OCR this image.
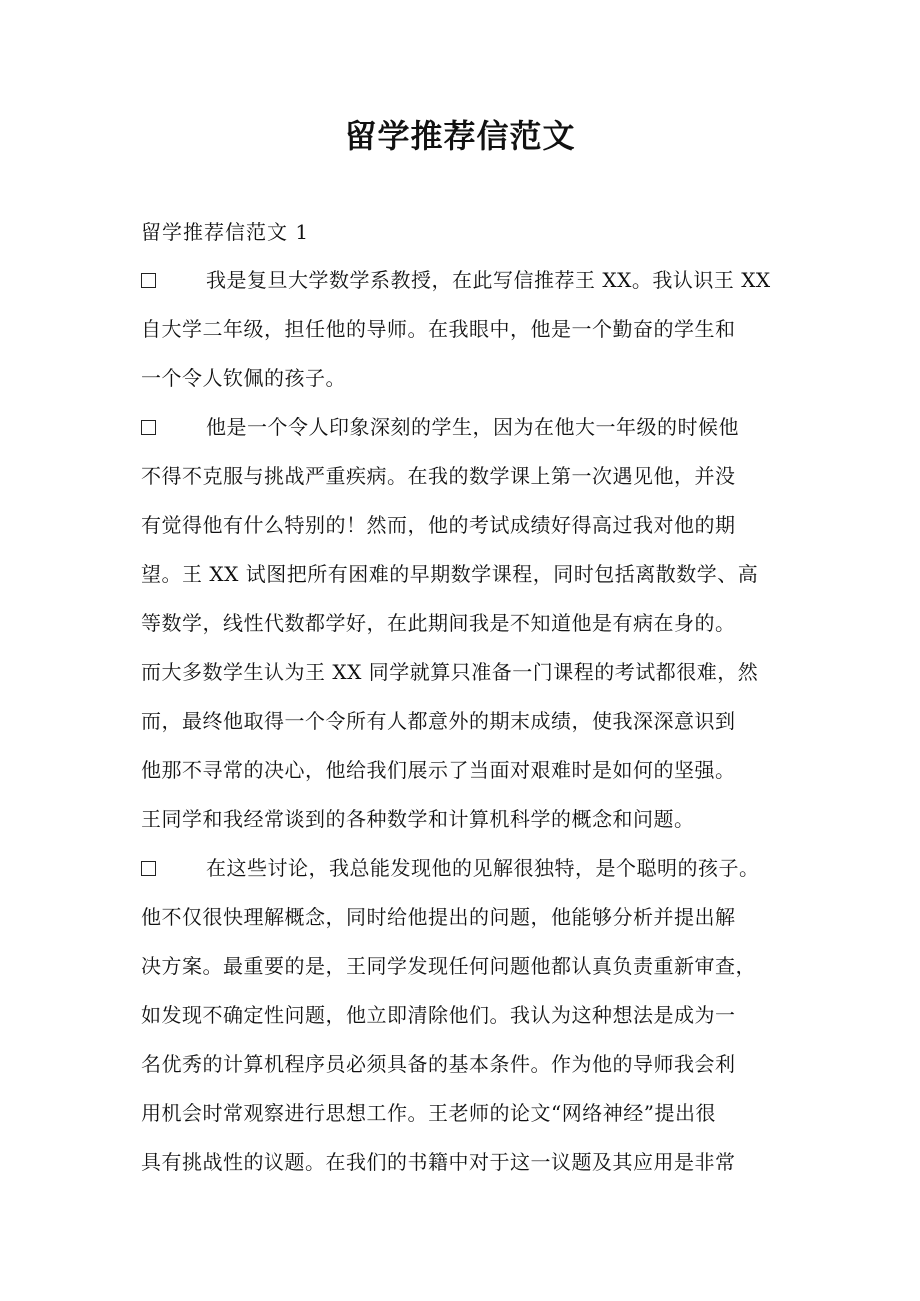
留学推荐信范文
留学推荐信范文 1
我是复旦大学数学系教授，在此写信推荐王 XX。我认识王 XX
自大学二年级，担任他的导师。在我眼中，他是一个勤奋的学生和
一个令人钦佩的孩子。
他是一个令人印象深刻的学生，因为在他大一年级的时候他
不得不克服与挑战严重疾病。在我的数学课上第一次遇见他，并没
有觉得他有什么特别的！然而，他的考试成绩好得高过我对他的期
望。王 XX 试图把所有困难的早期数学课程，同时包括离散数学、高
等数学，线性代数都学好，在此期间我是不知道他是有病在身的。
而大多数学生认为王 XX 同学就算只准备一门课程的考试都很难，然
而，最终他取得一个令所有人都意外的期末成绩，使我深深意识到
他那不寻常的决心，他给我们展示了当面对艰难时是如何的坚强。
王同学和我经常谈到的各种数学和计算机科学的概念和问题。
在这些讨论，我总能发现他的见解很独特，是个聪明的孩子。
他不仅很快理解概念，同时给他提出的问题，他能够分析并提出解
决方案。最重要的是，王同学发现任何问题他都认真负责重新审查，
如发现不确定性问题，他立即清除他们。我认为这种想法是成为一
名优秀的计算机程序员必须具备的基本条件。作为他的导师我会利
用机会时常观察进行思想工作。王老师的论文“网络神经”提出很
具有挑战性的议题。在我们的书籍中对于这一议题及其应用是非常
